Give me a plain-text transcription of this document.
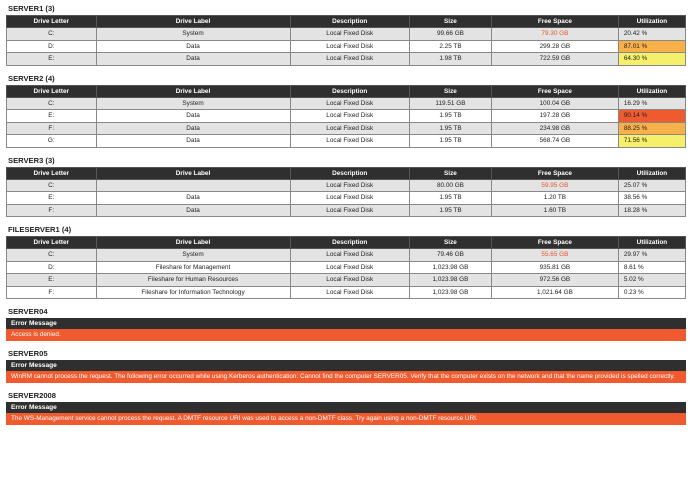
SERVER1 (3)
Drive Letter	Drive Label	Description	Size	Free Space	Utilization
C:	System	Local Fixed Disk	99.66 GB	79.30 GB	20.42 %
D:	Data	Local Fixed Disk	2.25 TB	299.28 GB	87.01 %
E:	Data	Local Fixed Disk	1.98 TB	722.59 GB	64.30 %
SERVER2 (4)
Drive Letter	Drive Label	Description	Size	Free Space	Utilization
C:	System	Local Fixed Disk	119.51 GB	100.04 GB	16.29 %
E:	Data	Local Fixed Disk	1.95 TB	197.28 GB	90.14 %
F:	Data	Local Fixed Disk	1.95 TB	234.98 GB	88.25 %
G:	Data	Local Fixed Disk	1.95 TB	568.74 GB	71.56 %
SERVER3 (3)
Drive Letter	Drive Label	Description	Size	Free Space	Utilization
C:		Local Fixed Disk	80.00 GB	59.95 GB	25.07 %
E:	Data	Local Fixed Disk	1.95 TB	1.20 TB	38.56 %
F:	Data	Local Fixed Disk	1.95 TB	1.60 TB	18.28 %
FILESERVER1 (4)
Drive Letter	Drive Label	Description	Size	Free Space	Utilization
C:	System	Local Fixed Disk	79.46 GB	55.65 GB	29.97 %
D:	Fileshare for Management	Local Fixed Disk	1,023.98 GB	935.81 GB	8.61 %
E:	Fileshare for Human Resources	Local Fixed Disk	1,023.98 GB	972.56 GB	5.02 %
F:	Fileshare for Information Technology	Local Fixed Disk	1,023.98 GB	1,021.64 GB	0.23 %
SERVER04
Error Message
Access is denied.
SERVER05
Error Message
WinRM cannot process the request. The following error occurred while using Kerberos authentication: Cannot find the computer SERVER05. Verify that the computer exists on the network and that the name provided is spelled correctly.
SERVER2008
Error Message
The WS-Management service cannot process the request. A DMTF resource URI was used to access a non-DMTF class. Try again using a non-DMTF resource URI.
